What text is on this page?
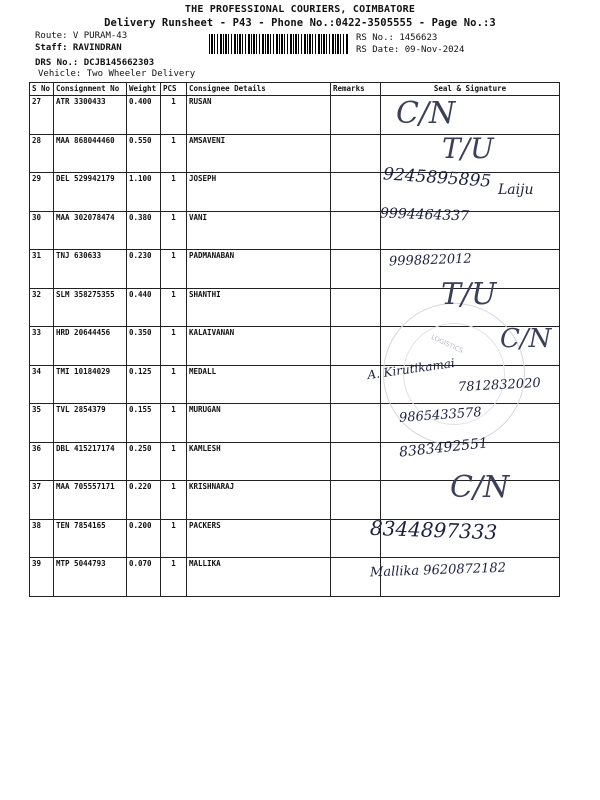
THE PROFESSIONAL COURIERS, COIMBATORE
Delivery Runsheet - P43 - Phone No.:0422-3505555 - Page No.:3
Route: V PURAM-43
Staff: RAVINDRAN
DRS No.: DCJB145662303
Vehicle: Two Wheeler Delivery
RS No.: 1456623
RS Date: 09-Nov-2024
S No	Consignment No	Weight	PCS	Consignee Details	Remarks	Seal & Signature
27	ATR 3300433	0.400	1	RUSAN		
28	MAA 868044460	0.550	1	AMSAVENI		
29	DEL 529942179	1.100	1	JOSEPH		
30	MAA 302078474	0.380	1	VANI		
31	TNJ 630633	0.230	1	PADMANABAN		
32	SLM 358275355	0.440	1	SHANTHI		
33	HRD 20644456	0.350	1	KALAIVANAN		
34	TMI 10184029	0.125	1	MEDALL		
35	TVL 2854379	0.155	1	MURUGAN		
36	DBL 415217174	0.250	1	KAMLESH		
37	MAA 705557171	0.220	1	KRISHNARAJ		
38	TEN 7854165	0.200	1	PACKERS		
39	MTP 5044793	0.070	1	MALLIKA		
LOGISTICS
C/N
T/U
9245895895 Laiju
9994464337
9998822012
T/U
C/N
A. Kirutikamai
7812832020
9865433578
8383492551
C/N
8344897333
Mallika 9620872182
